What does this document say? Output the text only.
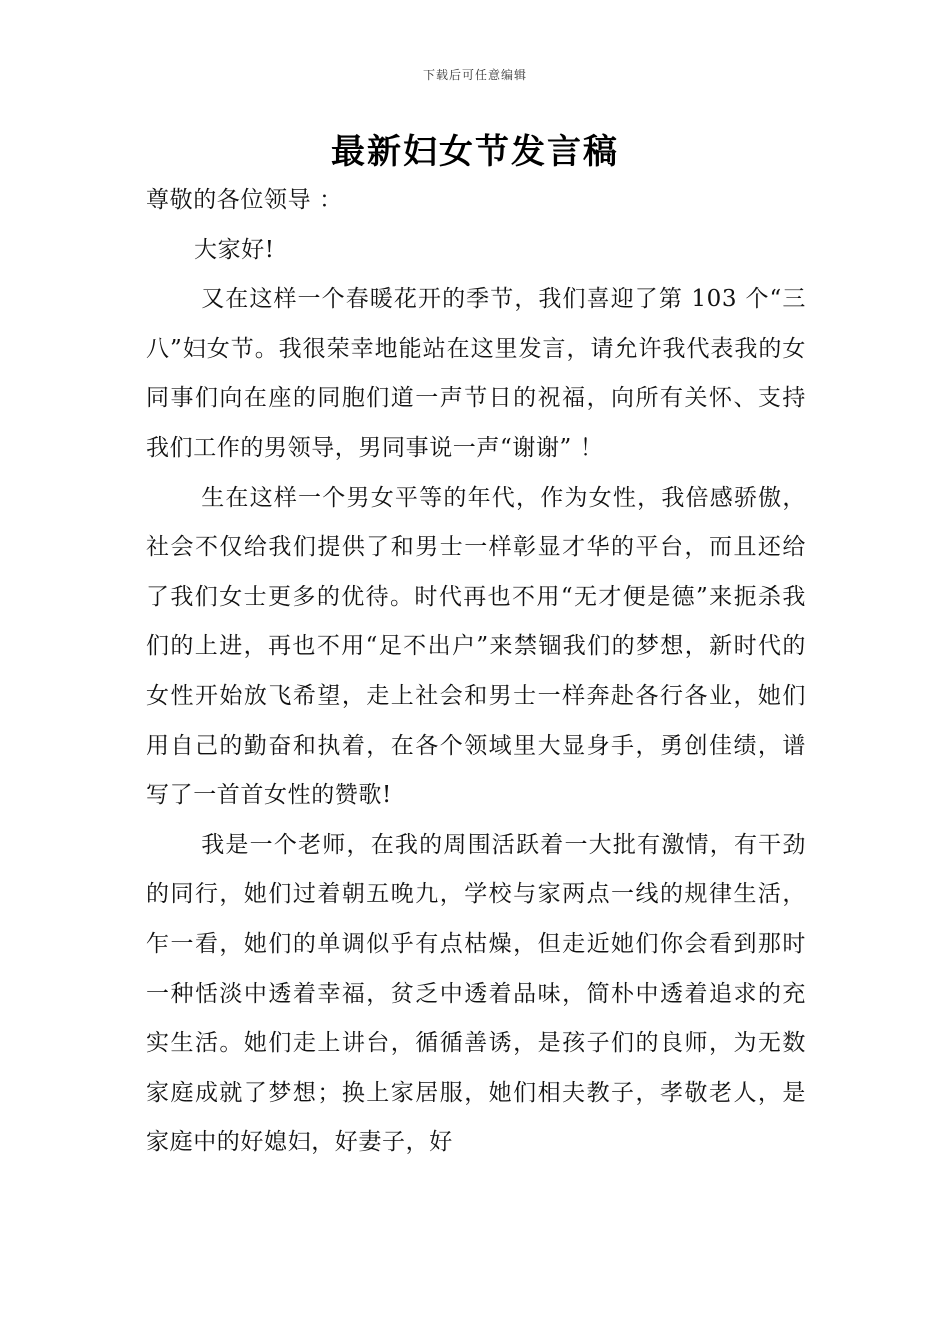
下载后可任意编辑
最新妇女节发言稿

尊敬的各位领导 ：

大家好!

又在这样一个春暖花开的季节，我们喜迎了第 103 个“三八”妇女节。我很荣幸地能站在这里发言，请允许我代表我的女同事们向在座的同胞们道一声节日的祝福，向所有关怀、支持我们工作的男领导，男同事说一声“谢谢” ！

生在这样一个男女平等的年代，作为女性，我倍感骄傲，社会不仅给我们提供了和男士一样彰显才华的平台，而且还给了我们女士更多的优待。时代再也不用“无才便是德”来扼杀我们的上进，再也不用“足不出户”来禁锢我们的梦想，新时代的女性开始放飞希望，走上社会和男士一样奔赴各行各业，她们用自己的勤奋和执着，在各个领域里大显身手，勇创佳绩，谱写了一首首女性的赞歌!

我是一个老师，在我的周围活跃着一大批有激情，有干劲的同行，她们过着朝五晚九，学校与家两点一线的规律生活，乍一看，她们的单调似乎有点枯燥，但走近她们你会看到那时一种恬淡中透着幸福，贫乏中透着品味，简朴中透着追求的充实生活。她们走上讲台，循循善诱，是孩子们的良师，为无数家庭成就了梦想；换上家居服，她们相夫教子，孝敬老人，是家庭中的好媳妇，好妻子，好
